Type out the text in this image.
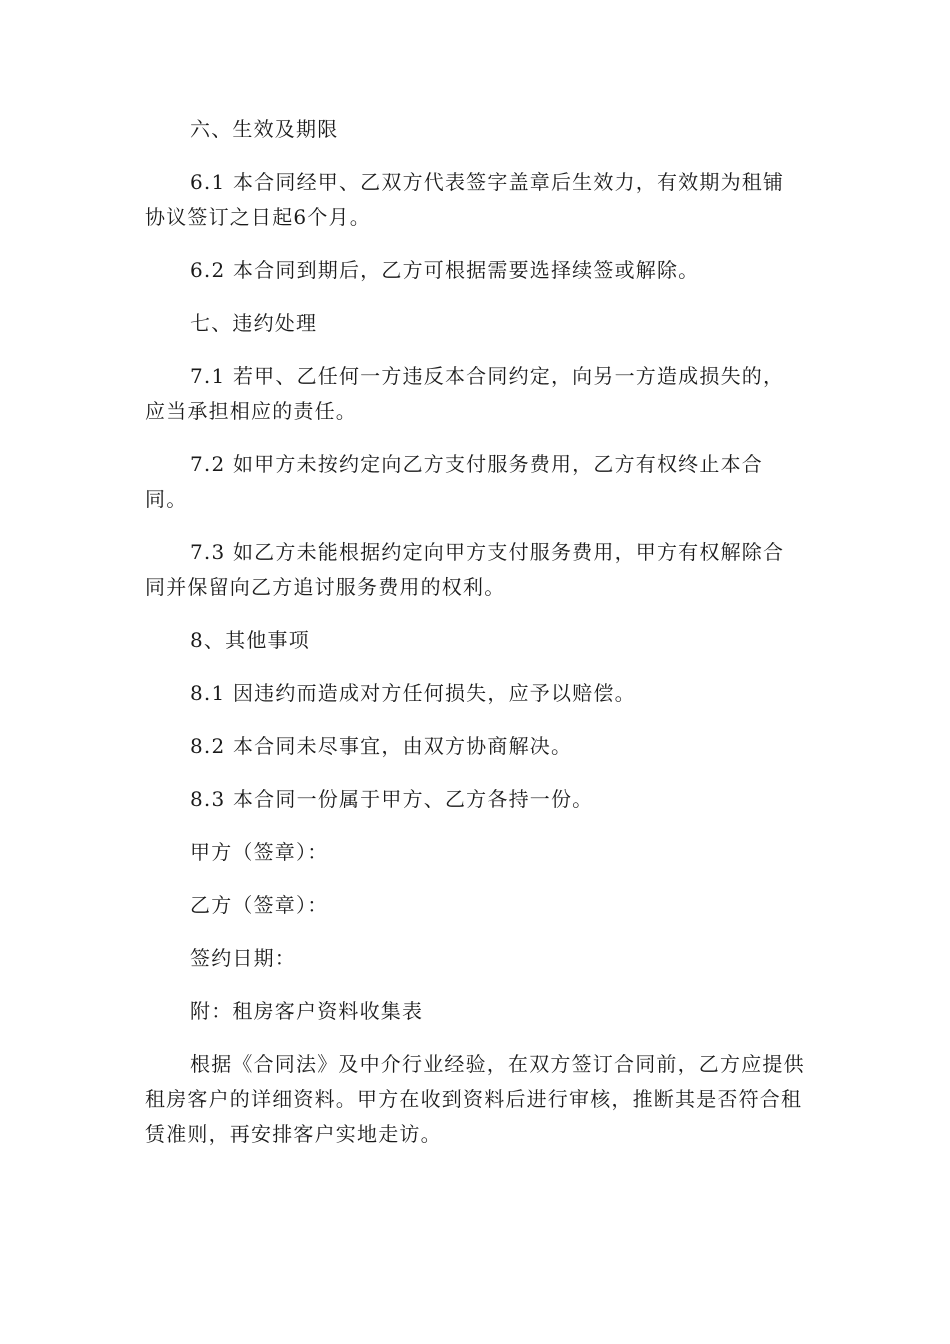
六、生效及期限

6.1 本合同经甲、乙双方代表签字盖章后生效力，有效期为租铺协议签订之日起6个月。

6.2 本合同到期后，乙方可根据需要选择续签或解除。

七、违约处理

7.1 若甲、乙任何一方违反本合同约定，向另一方造成损失的，应当承担相应的责任。

7.2 如甲方未按约定向乙方支付服务费用，乙方有权终止本合同。

7.3 如乙方未能根据约定向甲方支付服务费用，甲方有权解除合同并保留向乙方追讨服务费用的权利。

8、其他事项

8.1 因违约而造成对方任何损失，应予以赔偿。

8.2 本合同未尽事宜，由双方协商解决。

8.3 本合同一份属于甲方、乙方各持一份。

甲方（签章）：

乙方（签章）：

签约日期：

附：租房客户资料收集表

根据《合同法》及中介行业经验，在双方签订合同前，乙方应提供租房客户的详细资料。甲方在收到资料后进行审核，推断其是否符合租赁准则，再安排客户实地走访。
